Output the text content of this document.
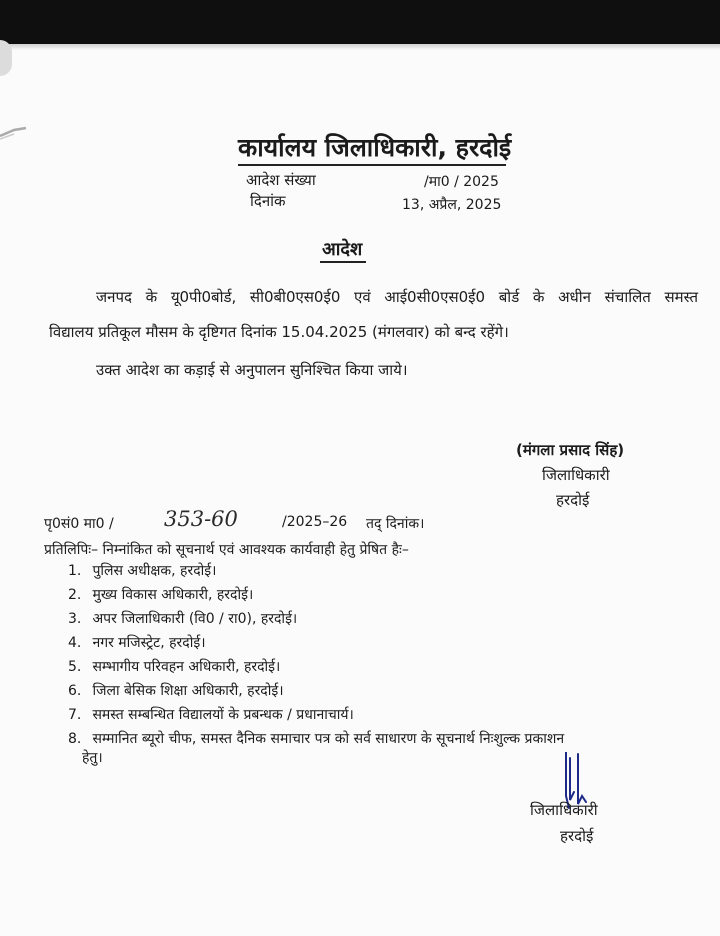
कार्यालय जिलाधिकारी, हरदोई
आदेश संख्या	/मा0 / 2025
दिनांक	13, अप्रैल, 2025
आदेश
जनपद के यू0पी0बोर्ड, सी0बी0एस0ई0 एवं आई0सी0एस0ई0 बोर्ड के अधीन संचालित समस्त
विद्यालय प्रतिकूल मौसम के दृष्टिगत दिनांक 15.04.2025 (मंगलवार) को बन्द रहेंगे।
उक्त आदेश का कड़ाई से अनुपालन सुनिश्चित किया जाये।
(मंगला प्रसाद सिंह)
जिलाधिकारी
हरदोई
पृ0सं0 मा0 / 353-60	/2025–26 तद् दिनांक।
प्रतिलिपिः– निम्नांकित को सूचनार्थ एवं आवश्यक कार्यवाही हेतु प्रेषित हैः–
1. पुलिस अधीक्षक, हरदोई।
2. मुख्य विकास अधिकारी, हरदोई।
3. अपर जिलाधिकारी (वि0 / रा0), हरदोई।
4. नगर मजिस्ट्रेट, हरदोई।
5. सम्भागीय परिवहन अधिकारी, हरदोई।
6. जिला बेसिक शिक्षा अधिकारी, हरदोई।
7. समस्त सम्बन्धित विद्यालयों के प्रबन्धक / प्रधानाचार्य।
8. सम्मानित ब्यूरो चीफ, समस्त दैनिक समाचार पत्र को सर्व साधारण के सूचनार्थ निःशुल्क प्रकाशन
हेतु।
जिलाधिकारी
हरदोई
